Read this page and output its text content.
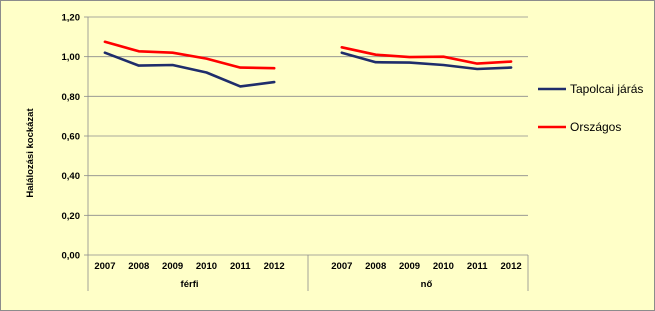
0,00
0,20
0,40
0,60
0,80
1,00
1,20
2007 2008 2009 2010 2011 2012
férfi
2007 2008 2009 2010 2011 2012
nő
Halálozási kockázat
Tapolcai járás
Országos
